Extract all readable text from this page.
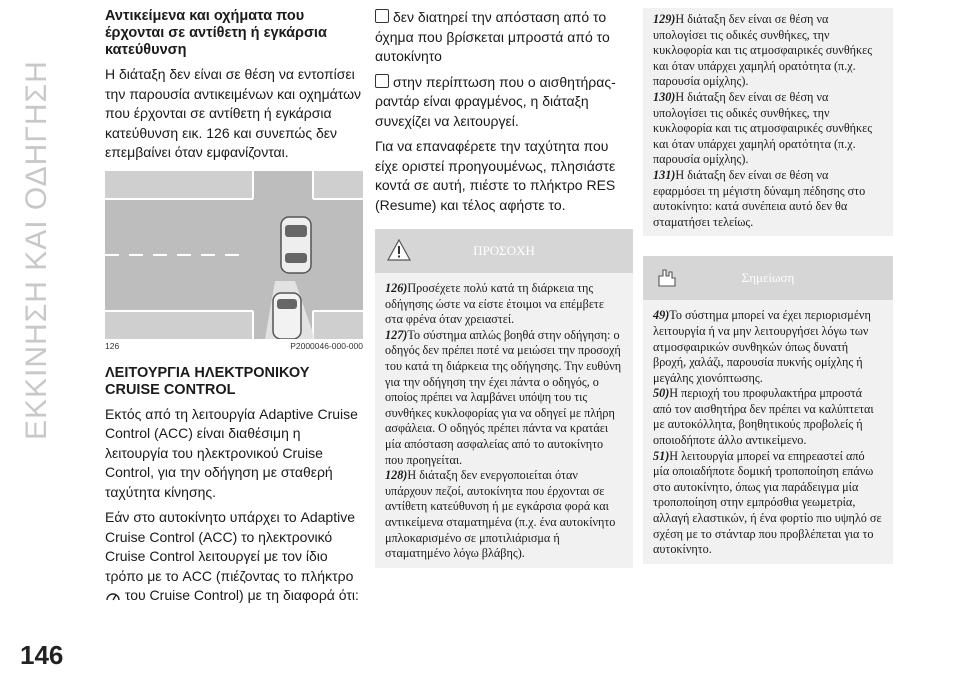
ΕΚΚΙΝΗΣΗ ΚΑΙ ΟΔΗΓΗΣΗ
146
Αντικείμενα και οχήματα που έρχονται σε αντίθετη ή εγκάρσια κατεύθυνση

Η διάταξη δεν είναι σε θέση να εντοπίσει την παρουσία αντικειμένων και οχημάτων που έρχονται σε αντίθετη ή εγκάρσια κατεύθυνση εικ. 126 και συνεπώς δεν επεμβαίνει όταν εμφανίζονται.

126	P2000046-000-000
ΛΕΙΤΟΥΡΓΙΑ ΗΛΕΚΤΡΟΝΙΚΟΥ
CRUISE CONTROL

Εκτός από τη λειτουργία Adaptive Cruise Control (ACC) είναι διαθέσιμη η λειτουργία του ηλεκτρονικού Cruise Control, για την οδήγηση με σταθερή ταχύτητα κίνησης.

Εάν στο αυτοκίνητο υπάρχει το Adaptive Cruise Control (ACC) το ηλεκτρονικό Cruise Control λειτουργεί με τον ίδιο τρόπο με το ACC (πιέζοντας το πλήκτρο  του Cruise Control) με τη διαφορά ότι:

δεν διατηρεί την απόσταση από το όχημα που βρίσκεται μπροστά από το αυτοκίνητο

στην περίπτωση που ο αισθητήρας-ραντάρ είναι φραγμένος, η διάταξη συνεχίζει να λειτουργεί.

Για να επαναφέρετε την ταχύτητα που είχε οριστεί προηγουμένως, πλησιάστε κοντά σε αυτή, πιέστε το πλήκτρο RES (Resume) και τέλος αφήστε το.

ΠΡΟΣΟΧΗ

126)Προσέχετε πολύ κατά τη διάρκεια της οδήγησης ώστε να είστε έτοιμοι να επέμβετε στα φρένα όταν χρειαστεί.

127)Το σύστημα απλώς βοηθά στην οδήγηση: ο οδηγός δεν πρέπει ποτέ να μειώσει την προσοχή του κατά τη διάρκεια της οδήγησης. Την ευθύνη για την οδήγηση την έχει πάντα ο οδηγός, ο οποίος πρέπει να λαμβάνει υπόψη του τις συνθήκες κυκλοφορίας για να οδηγεί με πλήρη ασφάλεια. Ο οδηγός πρέπει πάντα να κρατάει μία απόσταση ασφαλείας από το αυτοκίνητο που προηγείται.

128)Η διάταξη δεν ενεργοποιείται όταν υπάρχουν πεζοί, αυτοκίνητα που έρχονται σε αντίθετη κατεύθυνση ή με εγκάρσια φορά και αντικείμενα σταματημένα (π.χ. ένα αυτοκίνητο μπλοκαρισμένο σε μποτιλιάρισμα ή σταματημένο λόγω βλάβης).

129)Η διάταξη δεν είναι σε θέση να υπολογίσει τις οδικές συνθήκες, την κυκλοφορία και τις ατμοσφαιρικές συνθήκες και όταν υπάρχει χαμηλή ορατότητα (π.χ. παρουσία ομίχλης).

130)Η διάταξη δεν είναι σε θέση να υπολογίσει τις οδικές συνθήκες, την κυκλοφορία και τις ατμοσφαιρικές συνθήκες και όταν υπάρχει χαμηλή ορατότητα (π.χ. παρουσία ομίχλης).

131)Η διάταξη δεν είναι σε θέση να εφαρμόσει τη μέγιστη δύναμη πέδησης στο αυτοκίνητο: κατά συνέπεια αυτό δεν θα σταματήσει τελείως.

Σημείωση

49)Το σύστημα μπορεί να έχει περιορισμένη λειτουργία ή να μην λειτουργήσει λόγω των ατμοσφαιρικών συνθηκών όπως δυνατή βροχή, χαλάζι, παρουσία πυκνής ομίχλης ή μεγάλης χιονόπτωσης.

50)Η περιοχή του προφυλακτήρα μπροστά από τον αισθητήρα δεν πρέπει να καλύπτεται με αυτοκόλλητα, βοηθητικούς προβολείς ή οποιοδήποτε άλλο αντικείμενο.

51)Η λειτουργία μπορεί να επηρεαστεί από μία οποιαδήποτε δομική τροποποίηση επάνω στο αυτοκίνητο, όπως για παράδειγμα μία τροποποίηση στην εμπρόσθια γεωμετρία, αλλαγή ελαστικών, ή ένα φορτίο πιο υψηλό σε σχέση με το στάνταρ που προβλέπεται για το αυτοκίνητο.
